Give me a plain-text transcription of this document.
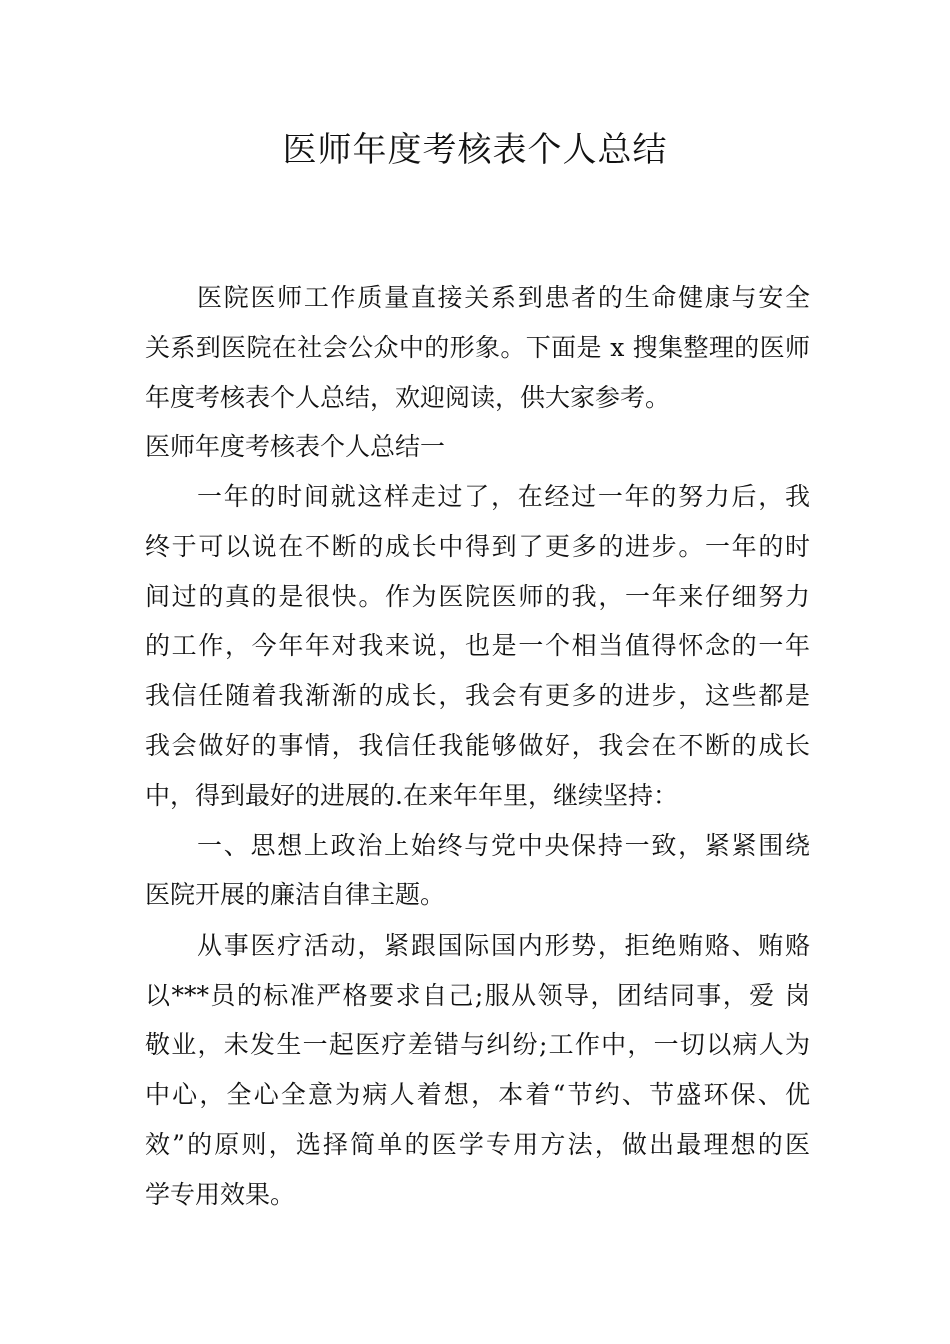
医师年度考核表个人总结

医院医师工作质量直接关系到患者的生命健康与安全

关系到医院在社会公众中的形象。下面是 x 搜集整理的医师

年度考核表个人总结，欢迎阅读，供大家参考。

医师年度考核表个人总结一

一年的时间就这样走过了，在经过一年的努力后，我

终于可以说在不断的成长中得到了更多的进步。一年的时

间过的真的是很快。作为医院医师的我，一年来仔细努力

的工作，今年年对我来说，也是一个相当值得怀念的一年

我信任随着我渐渐的成长，我会有更多的进步，这些都是

我会做好的事情，我信任我能够做好，我会在不断的成长

中，得到最好的进展的.在来年年里，继续坚持：

一、思想上政治上始终与党中央保持一致，紧紧围绕

医院开展的廉洁自律主题。

从事医疗活动，紧跟国际国内形势，拒绝贿赂、贿赂

以***员的标准严格要求自己;服从领导，团结同事，爱 岗

敬业，未发生一起医疗差错与纠纷;工作中，一切以病人为

中心，全心全意为病人着想，本着“节约、节盛环保、优

效”的原则，选择简单的医学专用方法，做出最理想的医

学专用效果。
